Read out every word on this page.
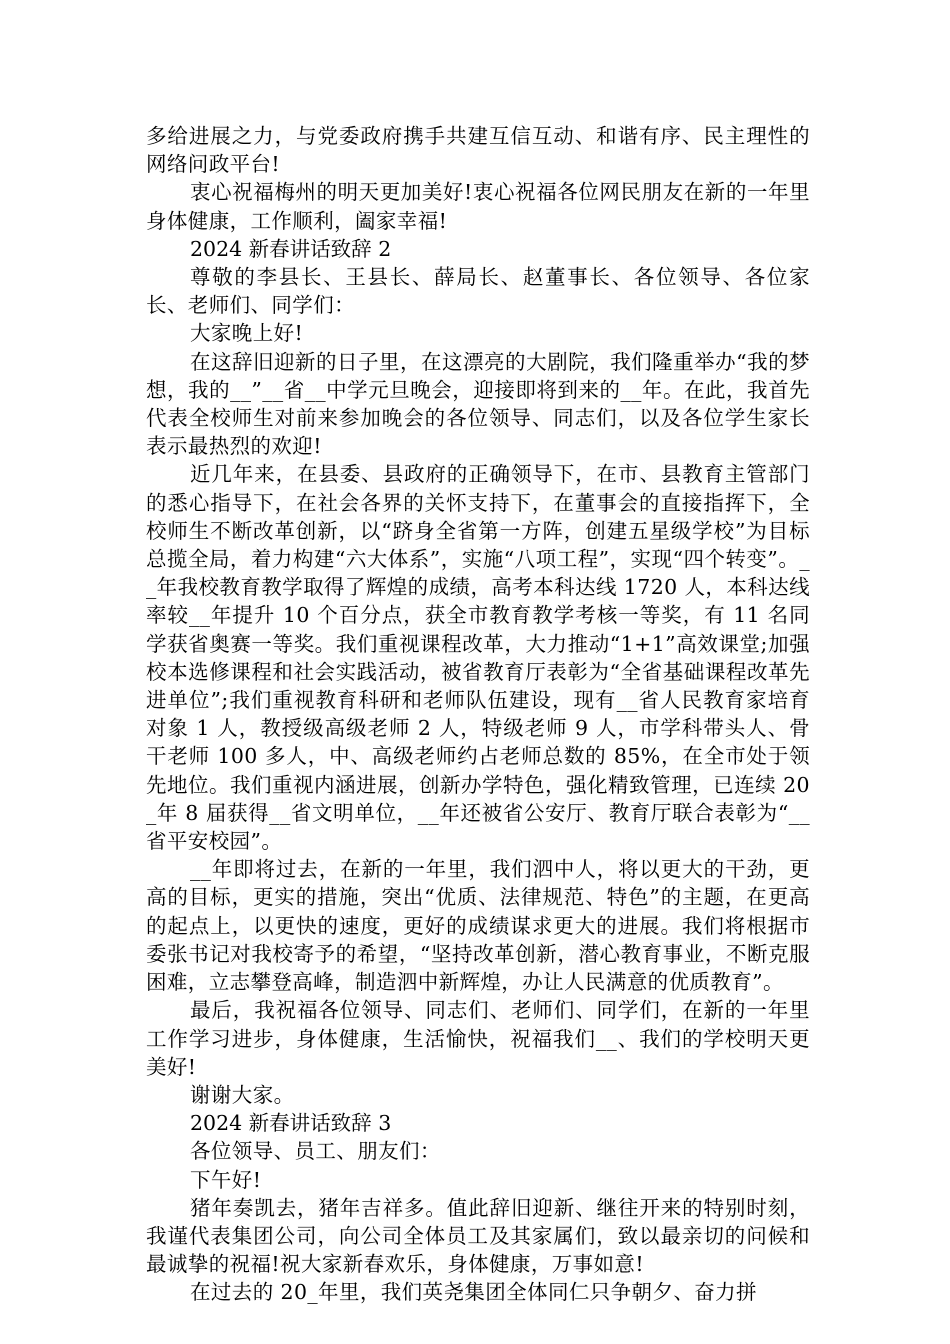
多给进展之力，与党委政府携手共建互信互动、和谐有序、民主理性的网络问政平台!

衷心祝福梅州的明天更加美好!衷心祝福各位网民朋友在新的一年里身体健康，工作顺利，阖家幸福!

2024 新春讲话致辞 2

尊敬的李县长、王县长、薛局长、赵董事长、各位领导、各位家长、老师们、同学们：

大家晚上好!

在这辞旧迎新的日子里，在这漂亮的大剧院，我们隆重举办“我的梦想，我的__”__省__中学元旦晚会，迎接即将到来的__年。在此，我首先代表全校师生对前来参加晚会的各位领导、同志们，以及各位学生家长表示最热烈的欢迎!

近几年来，在县委、县政府的正确领导下，在市、县教育主管部门的悉心指导下，在社会各界的关怀支持下，在董事会的直接指挥下，全校师生不断改革创新，以“跻身全省第一方阵，创建五星级学校”为目标总揽全局，着力构建“六大体系”，实施“八项工程”，实现“四个转变”。__年我校教育教学取得了辉煌的成绩，高考本科达线 1720 人，本科达线率较__年提升 10 个百分点，获全市教育教学考核一等奖，有 11 名同学获省奥赛一等奖。我们重视课程改革，大力推动“1+1”高效课堂;加强校本选修课程和社会实践活动，被省教育厅表彰为“全省基础课程改革先进单位”;我们重视教育科研和老师队伍建设，现有__省人民教育家培育对象 1 人，教授级高级老师 2 人，特级老师 9 人，市学科带头人、骨干老师 100 多人，中、高级老师约占老师总数的 85%，在全市处于领先地位。我们重视内涵进展，创新办学特色，强化精致管理，已连续 20_年 8 届获得__省文明单位，__年还被省公安厅、教育厅联合表彰为“__省平安校园”。

__年即将过去，在新的一年里，我们泗中人，将以更大的干劲，更高的目标，更实的措施，突出“优质、法律规范、特色”的主题，在更高的起点上，以更快的速度，更好的成绩谋求更大的进展。我们将根据市委张书记对我校寄予的希望，“坚持改革创新，潜心教育事业，不断克服困难，立志攀登高峰，制造泗中新辉煌，办让人民满意的优质教育”。

最后，我祝福各位领导、同志们、老师们、同学们，在新的一年里工作学习进步，身体健康，生活愉快，祝福我们__、我们的学校明天更美好!

谢谢大家。

2024 新春讲话致辞 3

各位领导、员工、朋友们：

下午好!

猪年奏凯去，猪年吉祥多。值此辞旧迎新、继往开来的特别时刻，我谨代表集团公司，向公司全体员工及其家属们，致以最亲切的问候和最诚挚的祝福!祝大家新春欢乐，身体健康，万事如意!

在过去的 20_年里，我们英尧集团全体同仁只争朝夕、奋力拼
